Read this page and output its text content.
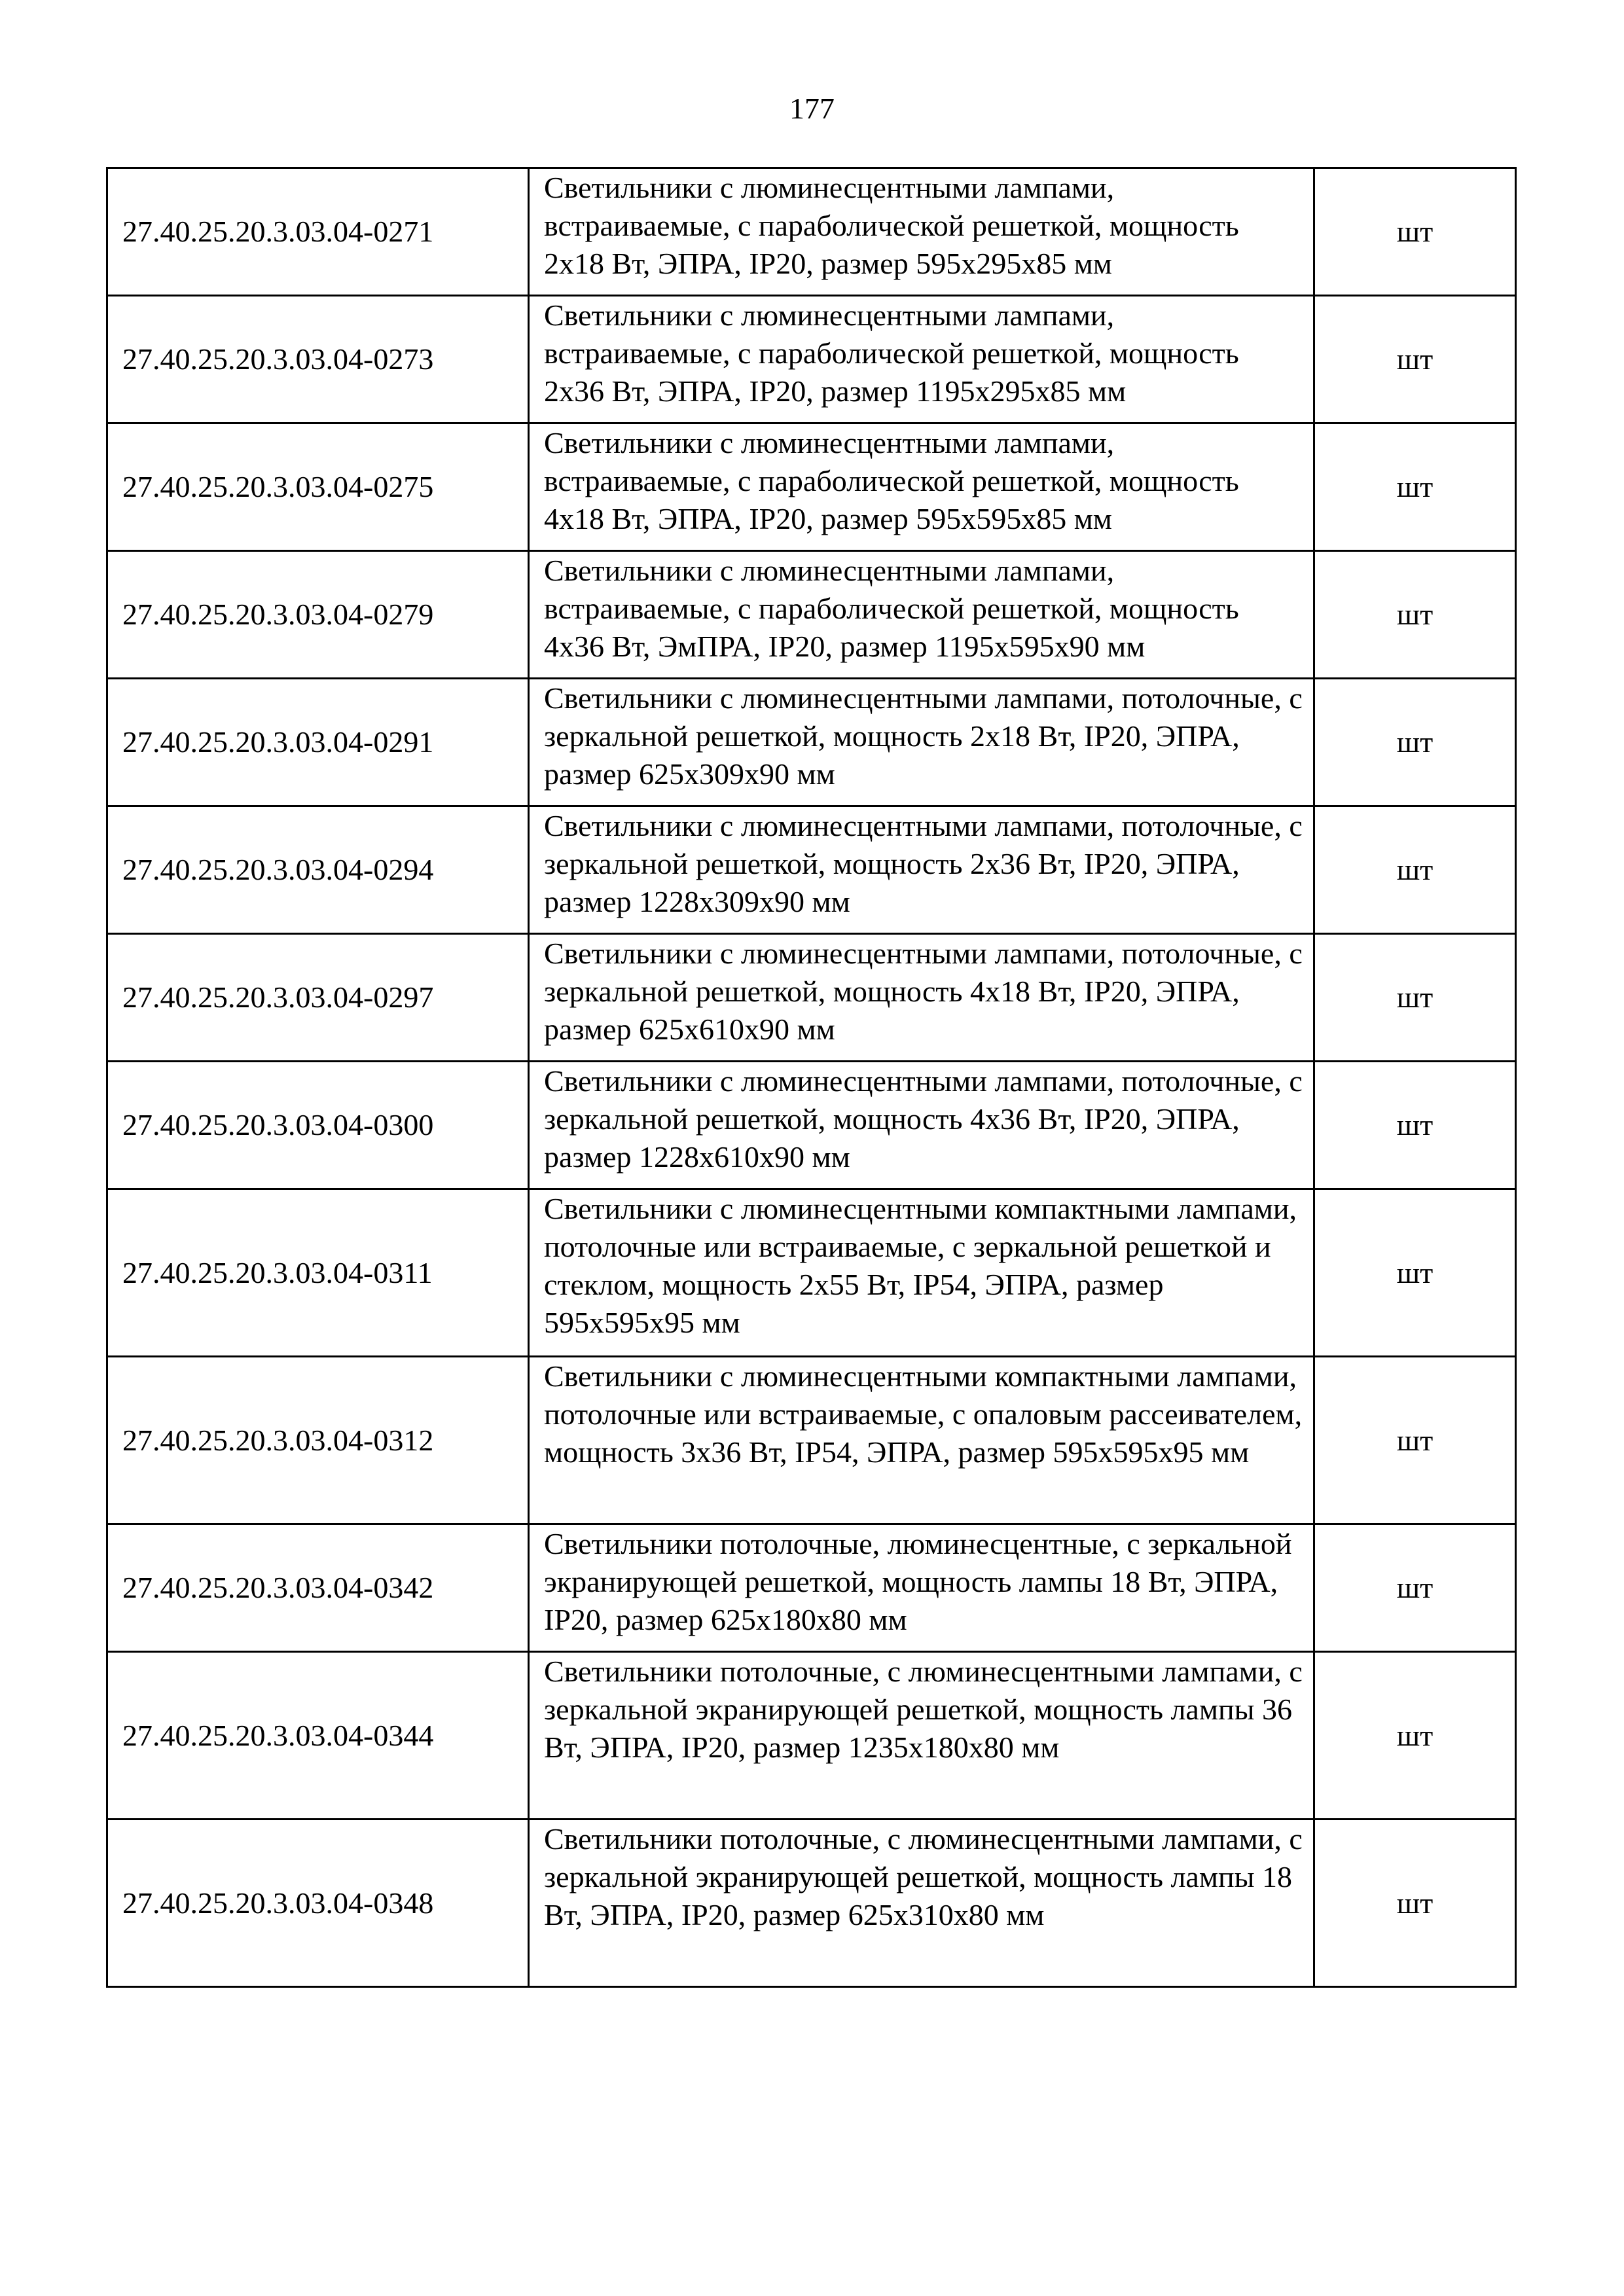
177
27.40.25.20.3.03.04-0271	Светильники с люминесцентными лампами, встраиваемые, с параболической решеткой, мощность 2х18 Вт, ЭПРА, IP20, размер 595х295х85 мм	шт
27.40.25.20.3.03.04-0273	Светильники с люминесцентными лампами, встраиваемые, с параболической решеткой, мощность 2х36 Вт, ЭПРА, IP20, размер 1195х295х85 мм	шт
27.40.25.20.3.03.04-0275	Светильники с люминесцентными лампами, встраиваемые, с параболической решеткой, мощность 4х18 Вт, ЭПРА, IP20, размер 595х595х85 мм	шт
27.40.25.20.3.03.04-0279	Светильники с люминесцентными лампами, встраиваемые, с параболической решеткой, мощность 4х36 Вт, ЭмПРА, IP20, размер 1195х595х90 мм	шт
27.40.25.20.3.03.04-0291	Светильники с люминесцентными лампами, потолочные, с зеркальной решеткой, мощность 2х18 Вт, IP20, ЭПРА, размер 625х309х90 мм	шт
27.40.25.20.3.03.04-0294	Светильники с люминесцентными лампами, потолочные, с зеркальной решеткой, мощность 2х36 Вт, IP20, ЭПРА, размер 1228х309х90 мм	шт
27.40.25.20.3.03.04-0297	Светильники с люминесцентными лампами, потолочные, с зеркальной решеткой, мощность 4х18 Вт, IP20, ЭПРА, размер 625х610х90 мм	шт
27.40.25.20.3.03.04-0300	Светильники с люминесцентными лампами, потолочные, с зеркальной решеткой, мощность 4х36 Вт, IP20, ЭПРА, размер 1228х610х90 мм	шт
27.40.25.20.3.03.04-0311	Светильники с люминесцентными компактными лампами, потолочные или встраиваемые, с зеркальной решеткой и стеклом, мощность 2х55 Вт, IP54, ЭПРА, размер 595х595х95 мм	шт
27.40.25.20.3.03.04-0312	Светильники с люминесцентными компактными лампами, потолочные или встраиваемые, с опаловым рассеивателем, мощность 3х36 Вт, IP54, ЭПРА, размер 595х595х95 мм	шт
27.40.25.20.3.03.04-0342	Светильники потолочные, люминесцентные, с зеркальной экранирующей решеткой, мощность лампы 18 Вт, ЭПРА, IP20, размер 625х180х80 мм	шт
27.40.25.20.3.03.04-0344	Светильники потолочные, с люминесцентными лампами, с зеркальной экранирующей решеткой, мощность лампы 36 Вт, ЭПРА, IP20, размер 1235х180х80 мм	шт
27.40.25.20.3.03.04-0348	Светильники потолочные, с люминесцентными лампами, с зеркальной экранирующей решеткой, мощность лампы 18 Вт, ЭПРА, IP20, размер 625х310х80 мм	шт
